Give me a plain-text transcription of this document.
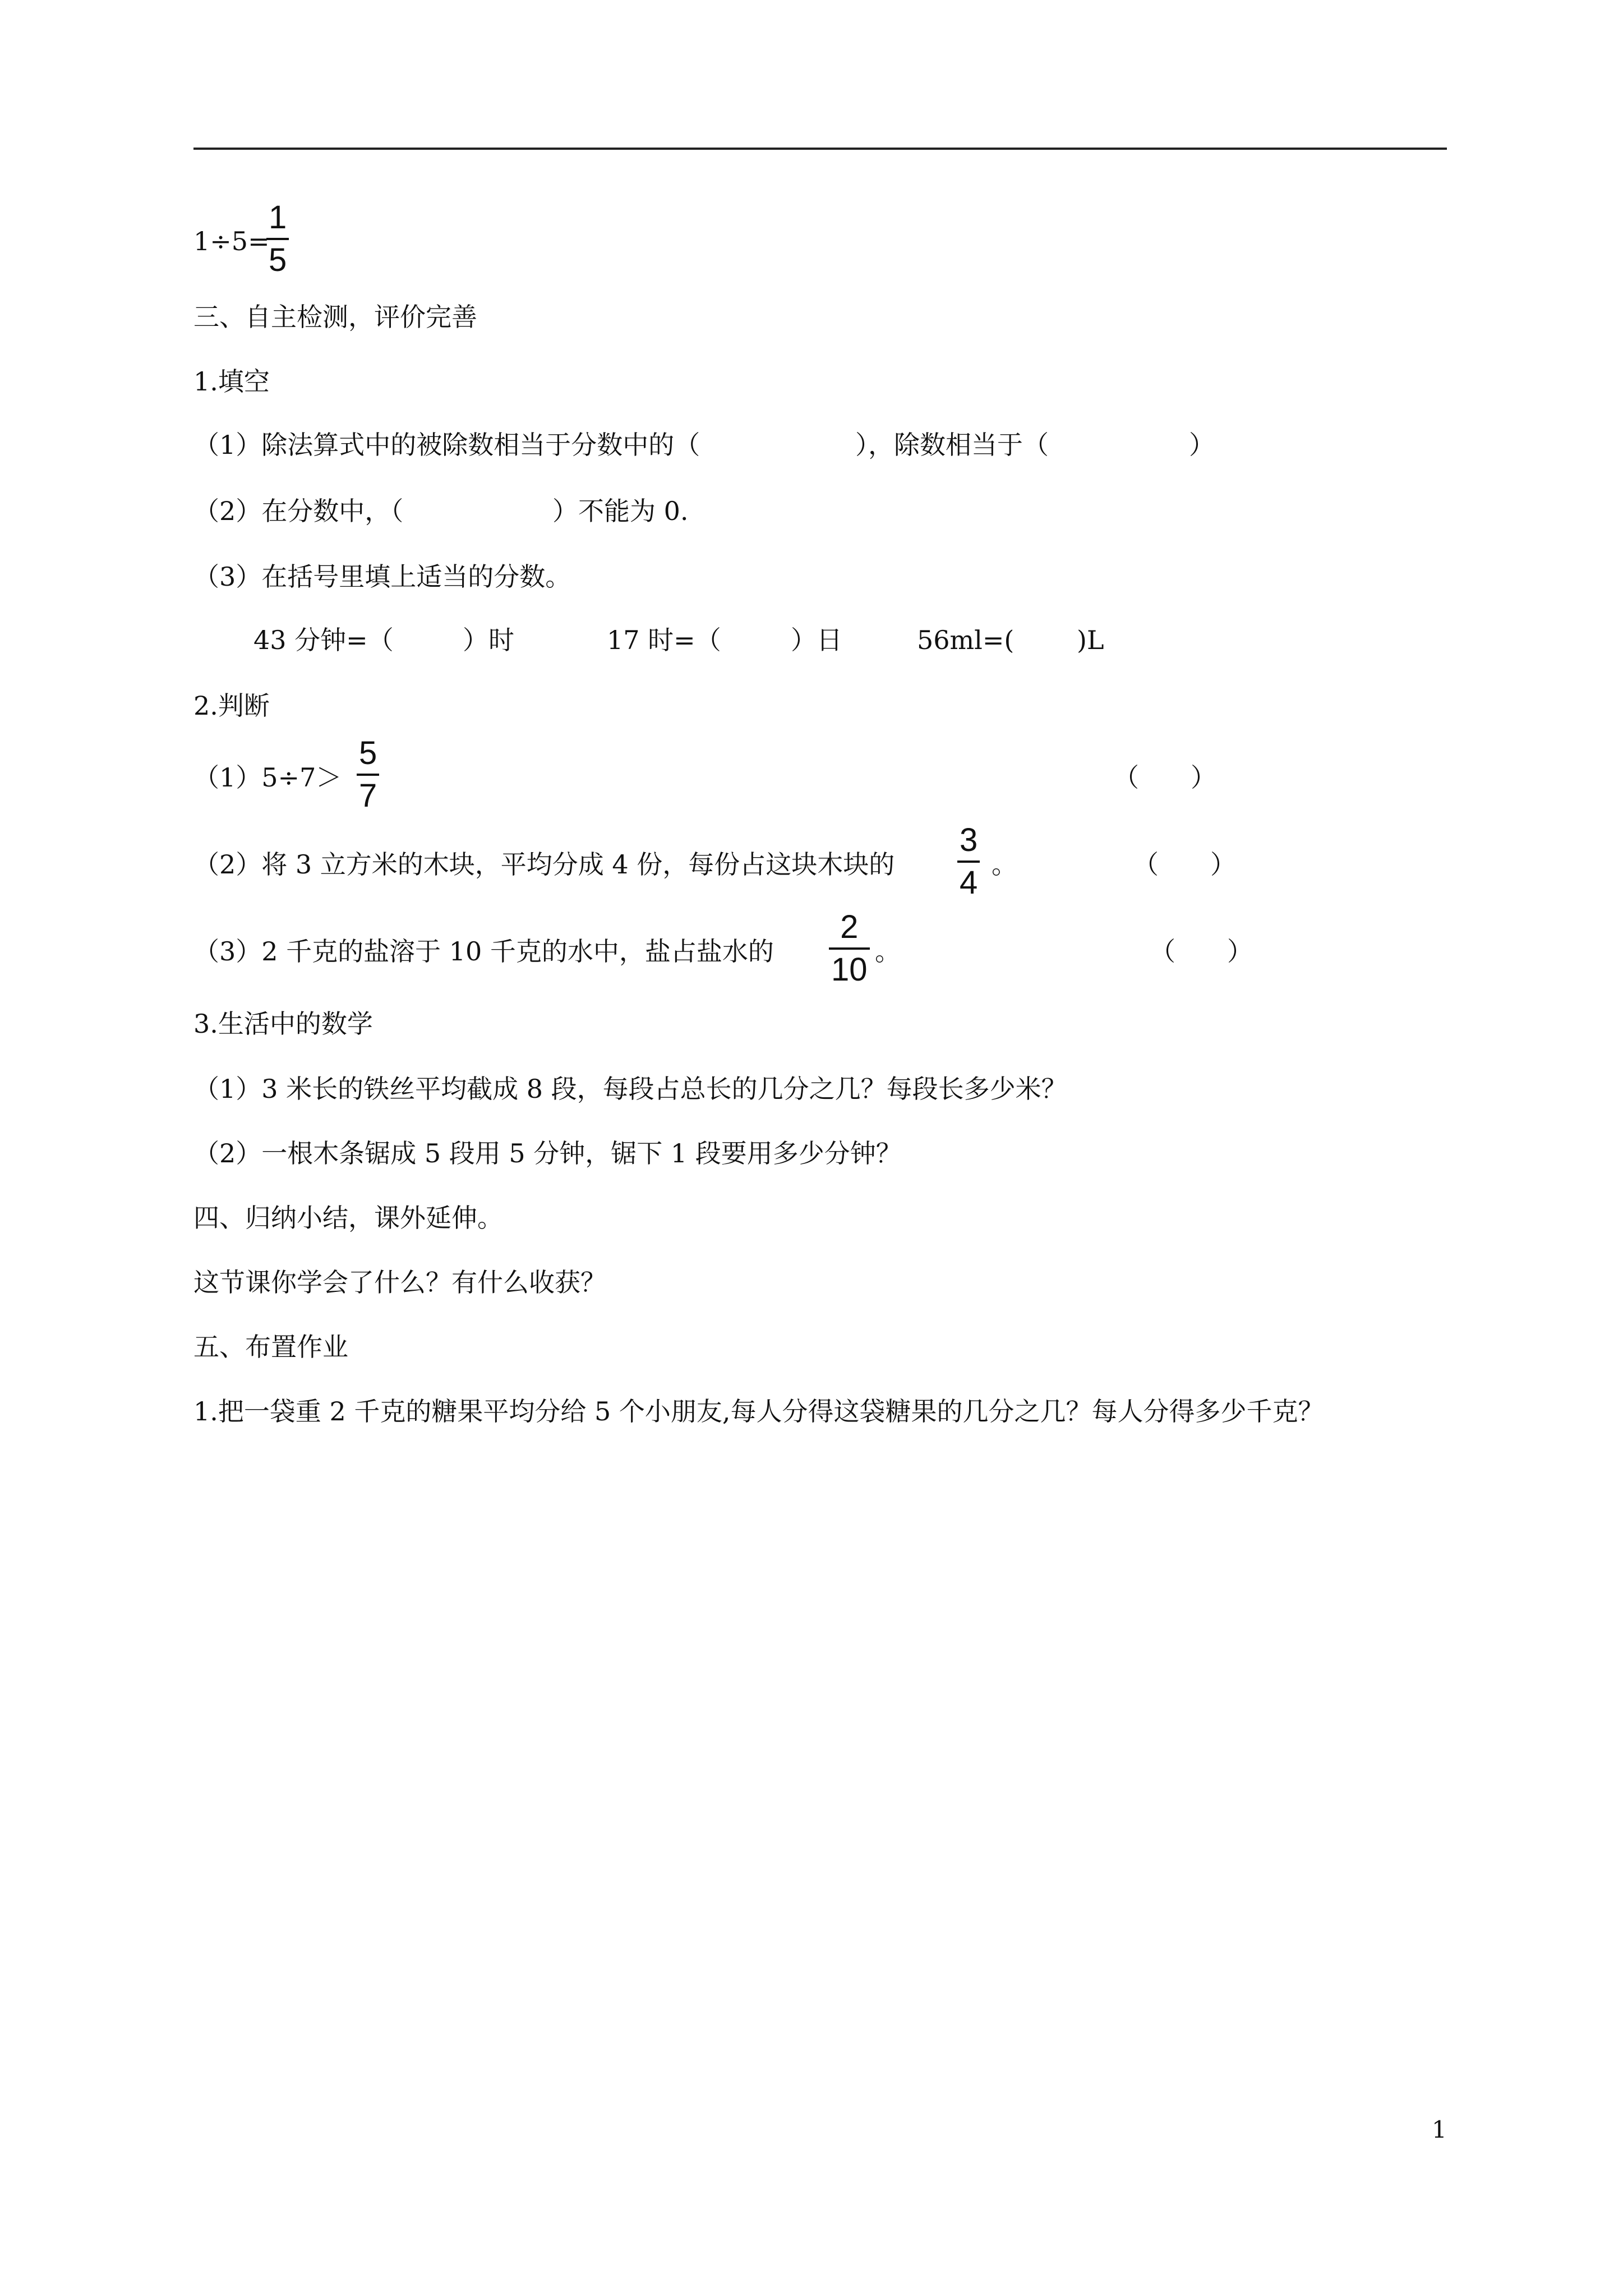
1÷5=
1
5
三、自主检测，评价完善
1.填空
（1）除法算式中的被除数相当于分数中的（	），除数相当于（	）
（2）在分数中，（	）不能为 0.
（3）在括号里填上适当的分数。
43 分钟=（	）时	17 时=（	）日	56ml=( )L
2.判断
（1）5÷7＞
5
7	（　　）
（2）将 3 立方米的木块，平均分成 4 份，每份占这块木块的
3
4 。	（　　）
（3）2 千克的盐溶于 10 千克的水中，盐占盐水的
2
10 。	（　　）
3.生活中的数学
（1）3 米长的铁丝平均截成 8 段，每段占总长的几分之几？每段长多少米？
（2）一根木条锯成 5 段用 5 分钟，锯下 1 段要用多少分钟？
四、归纳小结，课外延伸。
这节课你学会了什么？有什么收获？
五、布置作业
1.把一袋重 2 千克的糖果平均分给 5 个小朋友,每人分得这袋糖果的几分之几？每人分得多少千克？
1
